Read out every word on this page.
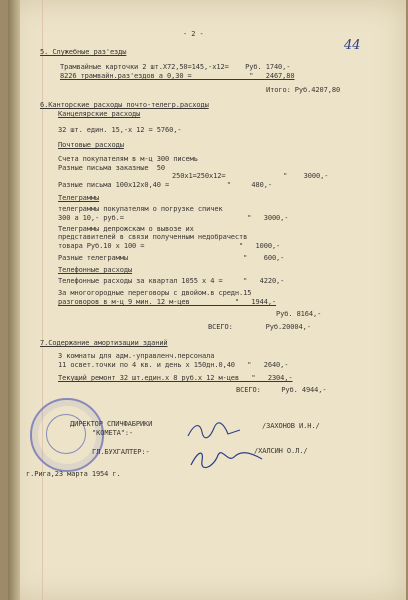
44
- 2 -
5. Служебные раз'езды
Трамвайные карточки 2 шт.Х72,50=145,-х12=    Руб. 1740,-
8226 трамвайн.раз'ездов а 0,30 =              "   2467,80
Итого: Руб.4207,80
6.Канторские расходы почто-телегр.расходы
Канцелярские расходы
32 шт. един. 15,-х 12 = 5760,-
Почтовые расходы
Счета покупателям в м-ц 300 писемь
Разные письма заказные  50
250х1=250х12=              "    3000,-
Разные письма 100х12х0,40 =              "     480,-
Телеграммы
телеграммы покупателям о погрузке спичек
300 а 10,- руб.=                              "   3000,-
Телеграммы депрожскам о вывозе их
представителей в связи полученным недобрачеств
товара Руб.10 х 100 =                       "   1000,-
Разные телеграммы                            "    600,-
Телефонные расходы
Телефонные расходы за квартал 1055 х 4 =     "   4220,-
За многогородные переговоры с двойом.в средн.15
разговоров в м-ц 9 мин. 12 м-цев           "   1944,-
Руб. 8164,-
ВСЕГО:        Руб.20004,-
7.Содержание амортизации зданий
3 комнаты для адм.-управленч.персонала
11 освет.точки по 4 кв. и день х 150дн.0,40   "   2640,-
Текущий ремонт 32 шт.един.х 8 руб.х 12 м-цев   "   2304,-
ВСЕГО:     Руб. 4944,-
ДИРЕКТОР СПИЧФАБРИКИ
"КОМЕТА":-
/ЗАХОНОВ И.Н./
ГЛ.БУХГАЛТЕР:-	/ХАЛСИН О.Л./
г.Рига,23 марта 1954 г.
